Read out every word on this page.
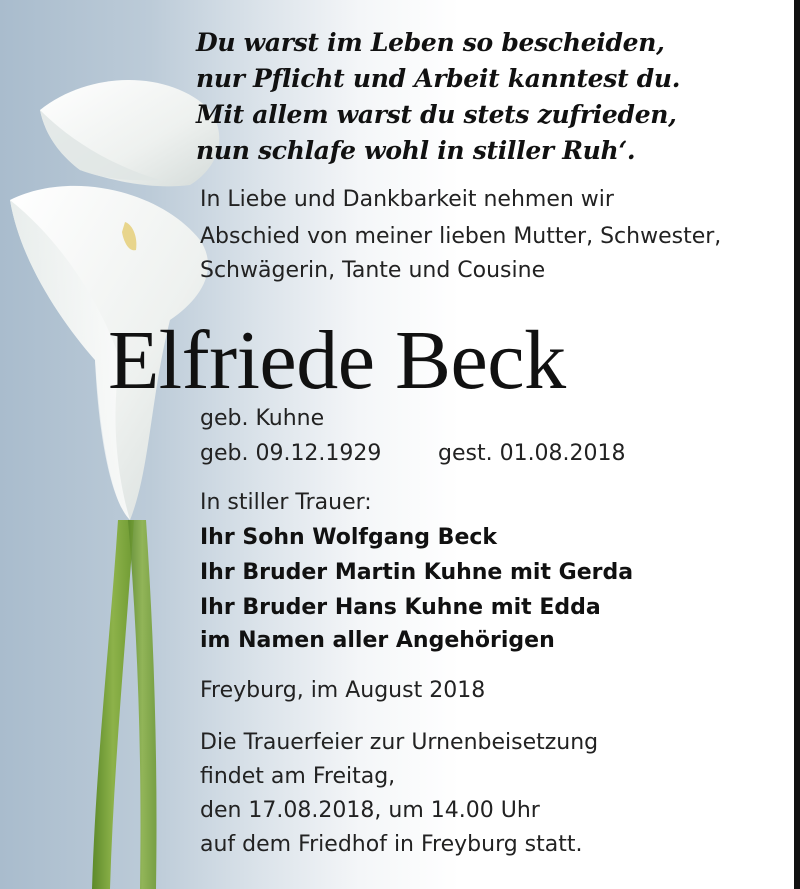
Du warst im Leben so bescheiden,
nur Pflicht und Arbeit kanntest du.
Mit allem warst du stets zufrieden,
nun schlafe wohl in stiller Ruh‘.
In Liebe und Dankbarkeit nehmen wir
Abschied von meiner lieben Mutter, Schwester,
Schwägerin, Tante und Cousine
Elfriede Beck
geb. Kuhne
geb. 09.12.1929	gest. 01.08.2018
In stiller Trauer:
Ihr Sohn Wolfgang Beck
Ihr Bruder Martin Kuhne mit Gerda
Ihr Bruder Hans Kuhne mit Edda
im Namen aller Angehörigen
Freyburg, im August 2018
Die Trauerfeier zur Urnenbeisetzung
findet am Freitag,
den 17.08.2018, um 14.00 Uhr
auf dem Friedhof in Freyburg statt.
